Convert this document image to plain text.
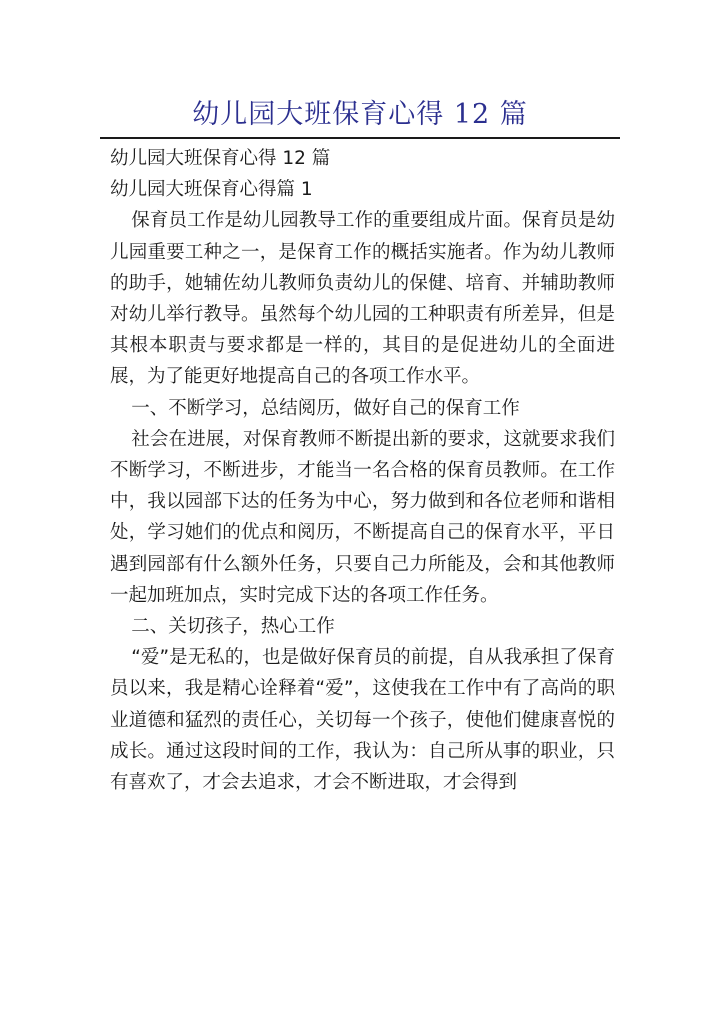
幼儿园大班保育心得 12 篇

幼儿园大班保育心得 12 篇

幼儿园大班保育心得篇 1

保育员工作是幼儿园教导工作的重要组成片面。保育员是幼儿园重要工种之一，是保育工作的概括实施者。作为幼儿教师的助手，她辅佐幼儿教师负责幼儿的保健、培育、并辅助教师对幼儿举行教导。虽然每个幼儿园的工种职责有所差异，但是其根本职责与要求都是一样的，其目的是促进幼儿的全面进展，为了能更好地提高自己的各项工作水平。

一、不断学习，总结阅历，做好自己的保育工作

社会在进展，对保育教师不断提出新的要求，这就要求我们不断学习，不断进步，才能当一名合格的保育员教师。在工作中，我以园部下达的任务为中心，努力做到和各位老师和谐相处，学习她们的优点和阅历，不断提高自己的保育水平，平日遇到园部有什么额外任务，只要自己力所能及，会和其他教师一起加班加点，实时完成下达的各项工作任务。

二、关切孩子，热心工作

“爱”是无私的，也是做好保育员的前提，自从我承担了保育员以来，我是精心诠释着“爱”，这使我在工作中有了高尚的职业道德和猛烈的责任心，关切每一个孩子，使他们健康喜悦的成长。通过这段时间的工作，我认为：自己所从事的职业，只有喜欢了，才会去追求，才会不断进取，才会得到
